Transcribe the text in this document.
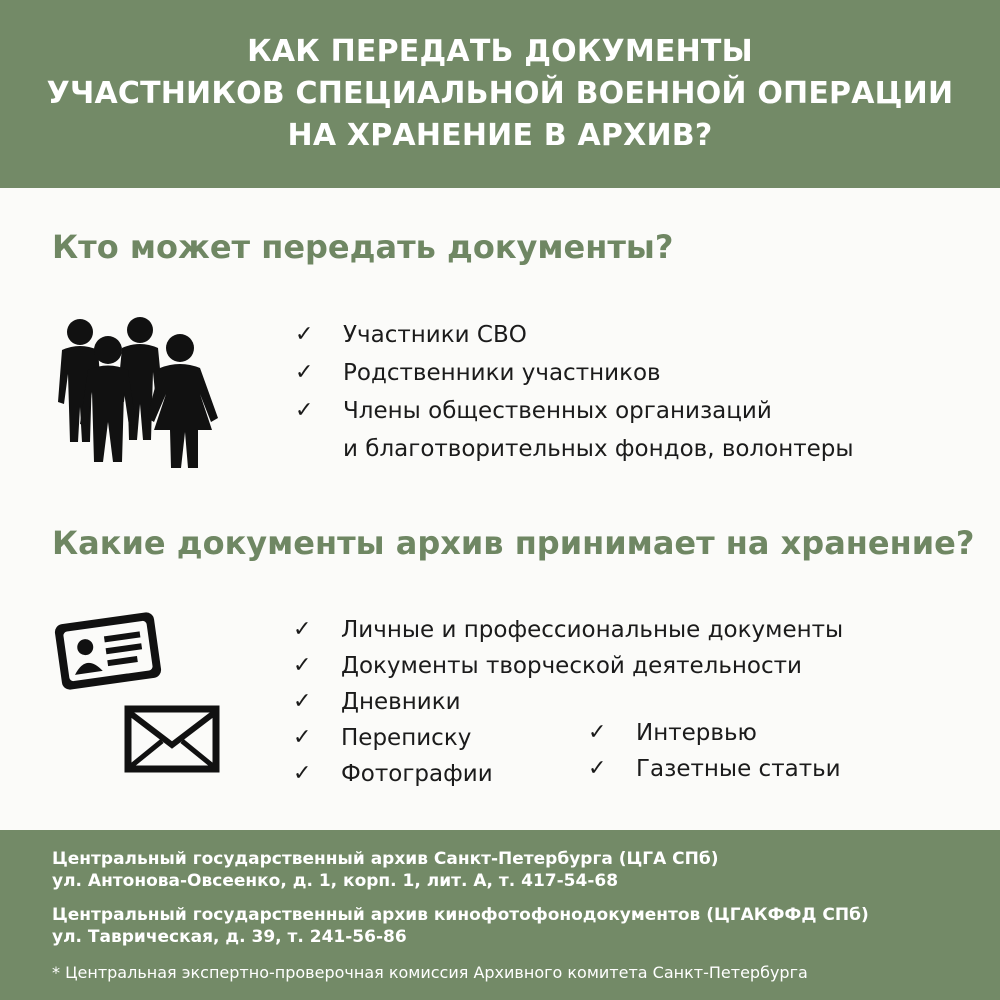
КАК ПЕРЕДАТЬ ДОКУМЕНТЫ
УЧАСТНИКОВ СПЕЦИАЛЬНОЙ ВОЕННОЙ ОПЕРАЦИИ
НА ХРАНЕНИЕ В АРХИВ?
Кто может передать документы?
✓ Участники СВО
✓ Родственники участников
✓ Члены общественных организаций
и благотворительных фондов, волонтеры
Какие документы архив принимает на хранение?
✓ Личные и профессиональные документы
✓ Документы творческой деятельности
✓ Дневники
✓ Переписку
✓ Фотографии
✓ Интервью
✓ Газетные статьи
Центральный государственный архив Санкт-Петербурга (ЦГА СПб)
ул. Антонова-Овсеенко, д. 1, корп. 1, лит. А, т. 417-54-68
Центральный государственный архив кинофотофонодокументов (ЦГАКФФД СПб)
ул. Таврическая, д. 39, т. 241-56-86
* Центральная экспертно-проверочная комиссия Архивного комитета Санкт-Петербурга
